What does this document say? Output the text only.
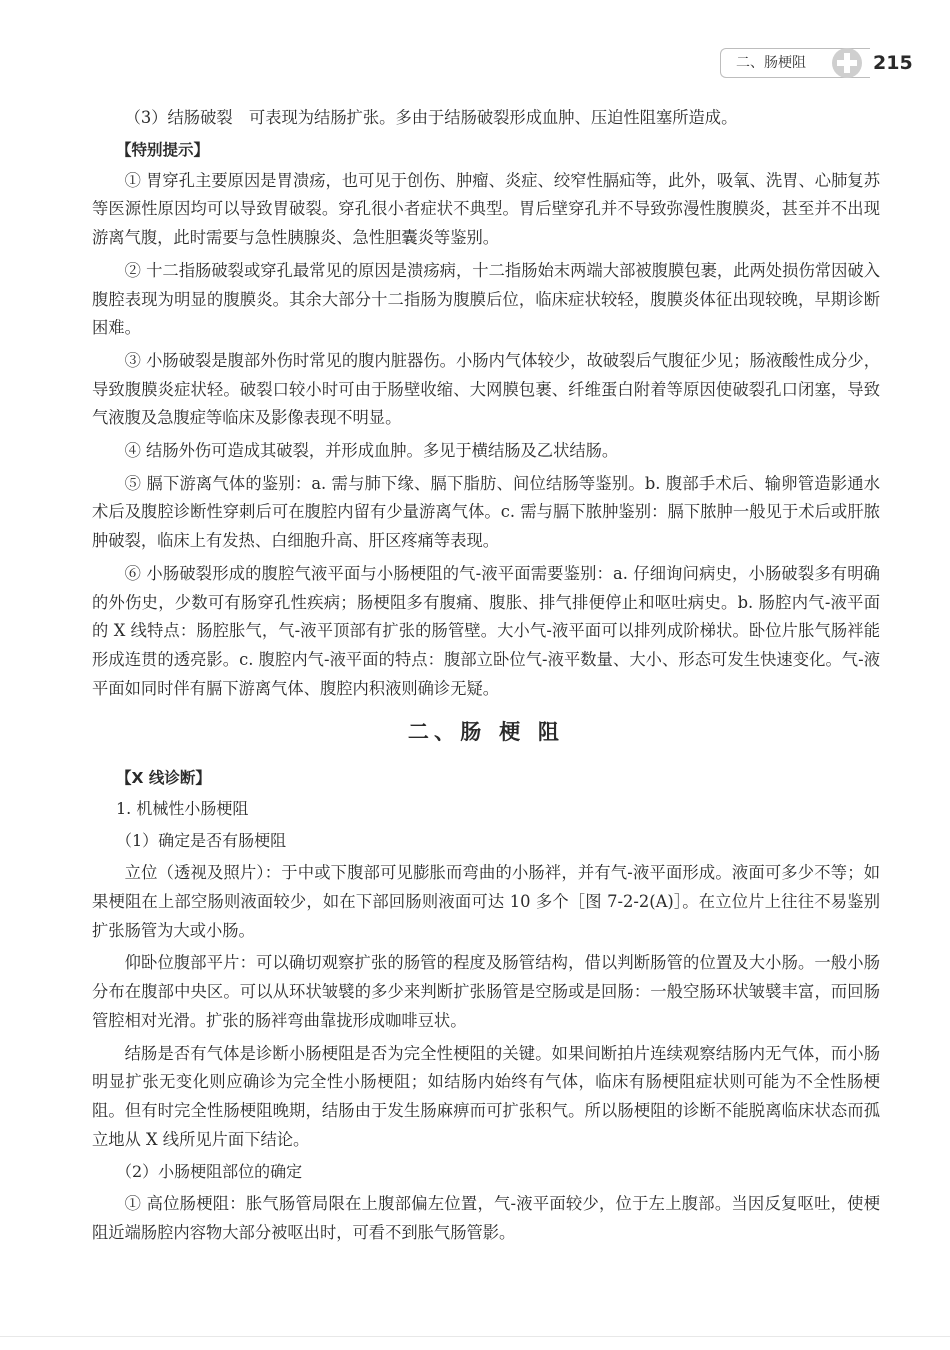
二、肠梗阻	215

（3）结肠破裂　可表现为结肠扩张。多由于结肠破裂形成血肿、压迫性阻塞所造成。

【特别提示】

① 胃穿孔主要原因是胃溃疡，也可见于创伤、肿瘤、炎症、绞窄性膈疝等，此外，吸氧、洗胃、心肺复苏等医源性原因均可以导致胃破裂。穿孔很小者症状不典型。胃后壁穿孔并不导致弥漫性腹膜炎，甚至并不出现游离气腹，此时需要与急性胰腺炎、急性胆囊炎等鉴别。

② 十二指肠破裂或穿孔最常见的原因是溃疡病，十二指肠始末两端大部被腹膜包裹，此两处损伤常因破入腹腔表现为明显的腹膜炎。其余大部分十二指肠为腹膜后位，临床症状较轻，腹膜炎体征出现较晚，早期诊断困难。

③ 小肠破裂是腹部外伤时常见的腹内脏器伤。小肠内气体较少，故破裂后气腹征少见；肠液酸性成分少，导致腹膜炎症状轻。破裂口较小时可由于肠壁收缩、大网膜包裹、纤维蛋白附着等原因使破裂孔口闭塞，导致气液腹及急腹症等临床及影像表现不明显。

④ 结肠外伤可造成其破裂，并形成血肿。多见于横结肠及乙状结肠。

⑤ 膈下游离气体的鉴别：a. 需与肺下缘、膈下脂肪、间位结肠等鉴别。b. 腹部手术后、输卵管造影通水术后及腹腔诊断性穿刺后可在腹腔内留有少量游离气体。c. 需与膈下脓肿鉴别：膈下脓肿一般见于术后或肝脓肿破裂，临床上有发热、白细胞升高、肝区疼痛等表现。

⑥ 小肠破裂形成的腹腔气液平面与小肠梗阻的气-液平面需要鉴别：a. 仔细询问病史，小肠破裂多有明确的外伤史，少数可有肠穿孔性疾病；肠梗阻多有腹痛、腹胀、排气排便停止和呕吐病史。b. 肠腔内气-液平面的 X 线特点：肠腔胀气，气-液平顶部有扩张的肠管壁。大小气-液平面可以排列成阶梯状。卧位片胀气肠袢能形成连贯的透亮影。c. 腹腔内气-液平面的特点：腹部立卧位气-液平数量、大小、形态可发生快速变化。气-液平面如同时伴有膈下游离气体、腹腔内积液则确诊无疑。

二、肠 梗 阻
【X 线诊断】
1. 机械性小肠梗阻
（1）确定是否有肠梗阻

立位（透视及照片）：于中或下腹部可见膨胀而弯曲的小肠袢，并有气-液平面形成。液面可多少不等；如果梗阻在上部空肠则液面较少，如在下部回肠则液面可达 10 多个［图 7-2-2(A)］。在立位片上往往不易鉴别扩张肠管为大或小肠。

仰卧位腹部平片：可以确切观察扩张的肠管的程度及肠管结构，借以判断肠管的位置及大小肠。一般小肠分布在腹部中央区。可以从环状皱襞的多少来判断扩张肠管是空肠或是回肠：一般空肠环状皱襞丰富，而回肠管腔相对光滑。扩张的肠袢弯曲靠拢形成咖啡豆状。

结肠是否有气体是诊断小肠梗阻是否为完全性梗阻的关键。如果间断拍片连续观察结肠内无气体，而小肠明显扩张无变化则应确诊为完全性小肠梗阻；如结肠内始终有气体，临床有肠梗阻症状则可能为不全性肠梗阻。但有时完全性肠梗阻晚期，结肠由于发生肠麻痹而可扩张积气。所以肠梗阻的诊断不能脱离临床状态而孤立地从 X 线所见片面下结论。

（2）小肠梗阻部位的确定

① 高位肠梗阻：胀气肠管局限在上腹部偏左位置，气-液平面较少，位于左上腹部。当因反复呕吐，使梗阻近端肠腔内容物大部分被呕出时，可看不到胀气肠管影。
